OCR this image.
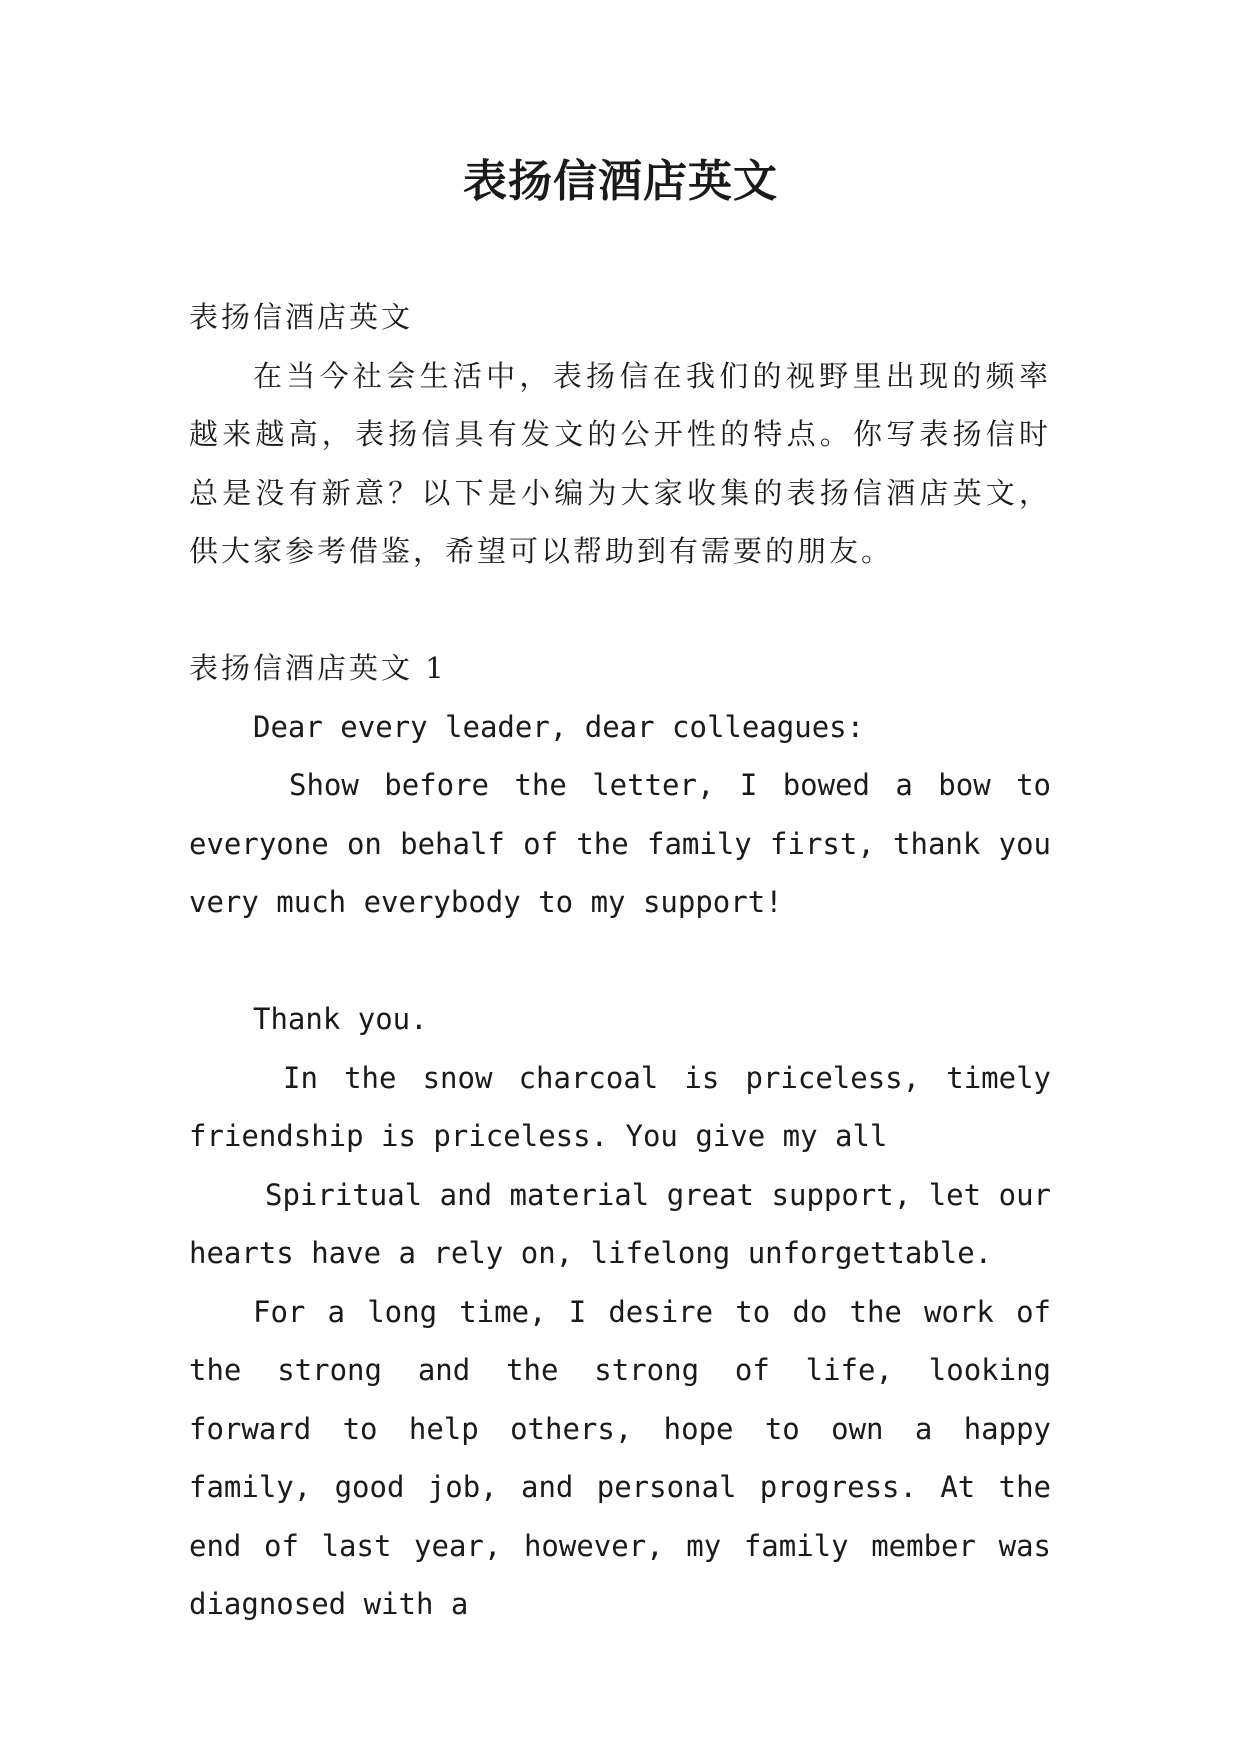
表扬信酒店英文

表扬信酒店英文

在当今社会生活中，表扬信在我们的视野里出现的频率越来越高，表扬信具有发文的公开性的特点。你写表扬信时总是没有新意？以下是小编为大家收集的表扬信酒店英文，供大家参考借鉴，希望可以帮助到有需要的朋友。

表扬信酒店英文 1

Dear every leader, dear colleagues:

Show before the letter, I bowed a bow to everyone on behalf of the family first, thank you very much everybody to my support!

Thank you.

In the snow charcoal is priceless, timely friendship is priceless. You give my all

Spiritual and material great support, let our hearts have a rely on, lifelong unforgettable.

For a long time, I desire to do the work of the strong and the strong of life, looking forward to help others, hope to own a happy family, good job, and personal progress. At the end of last year, however, my family member was diagnosed with a
